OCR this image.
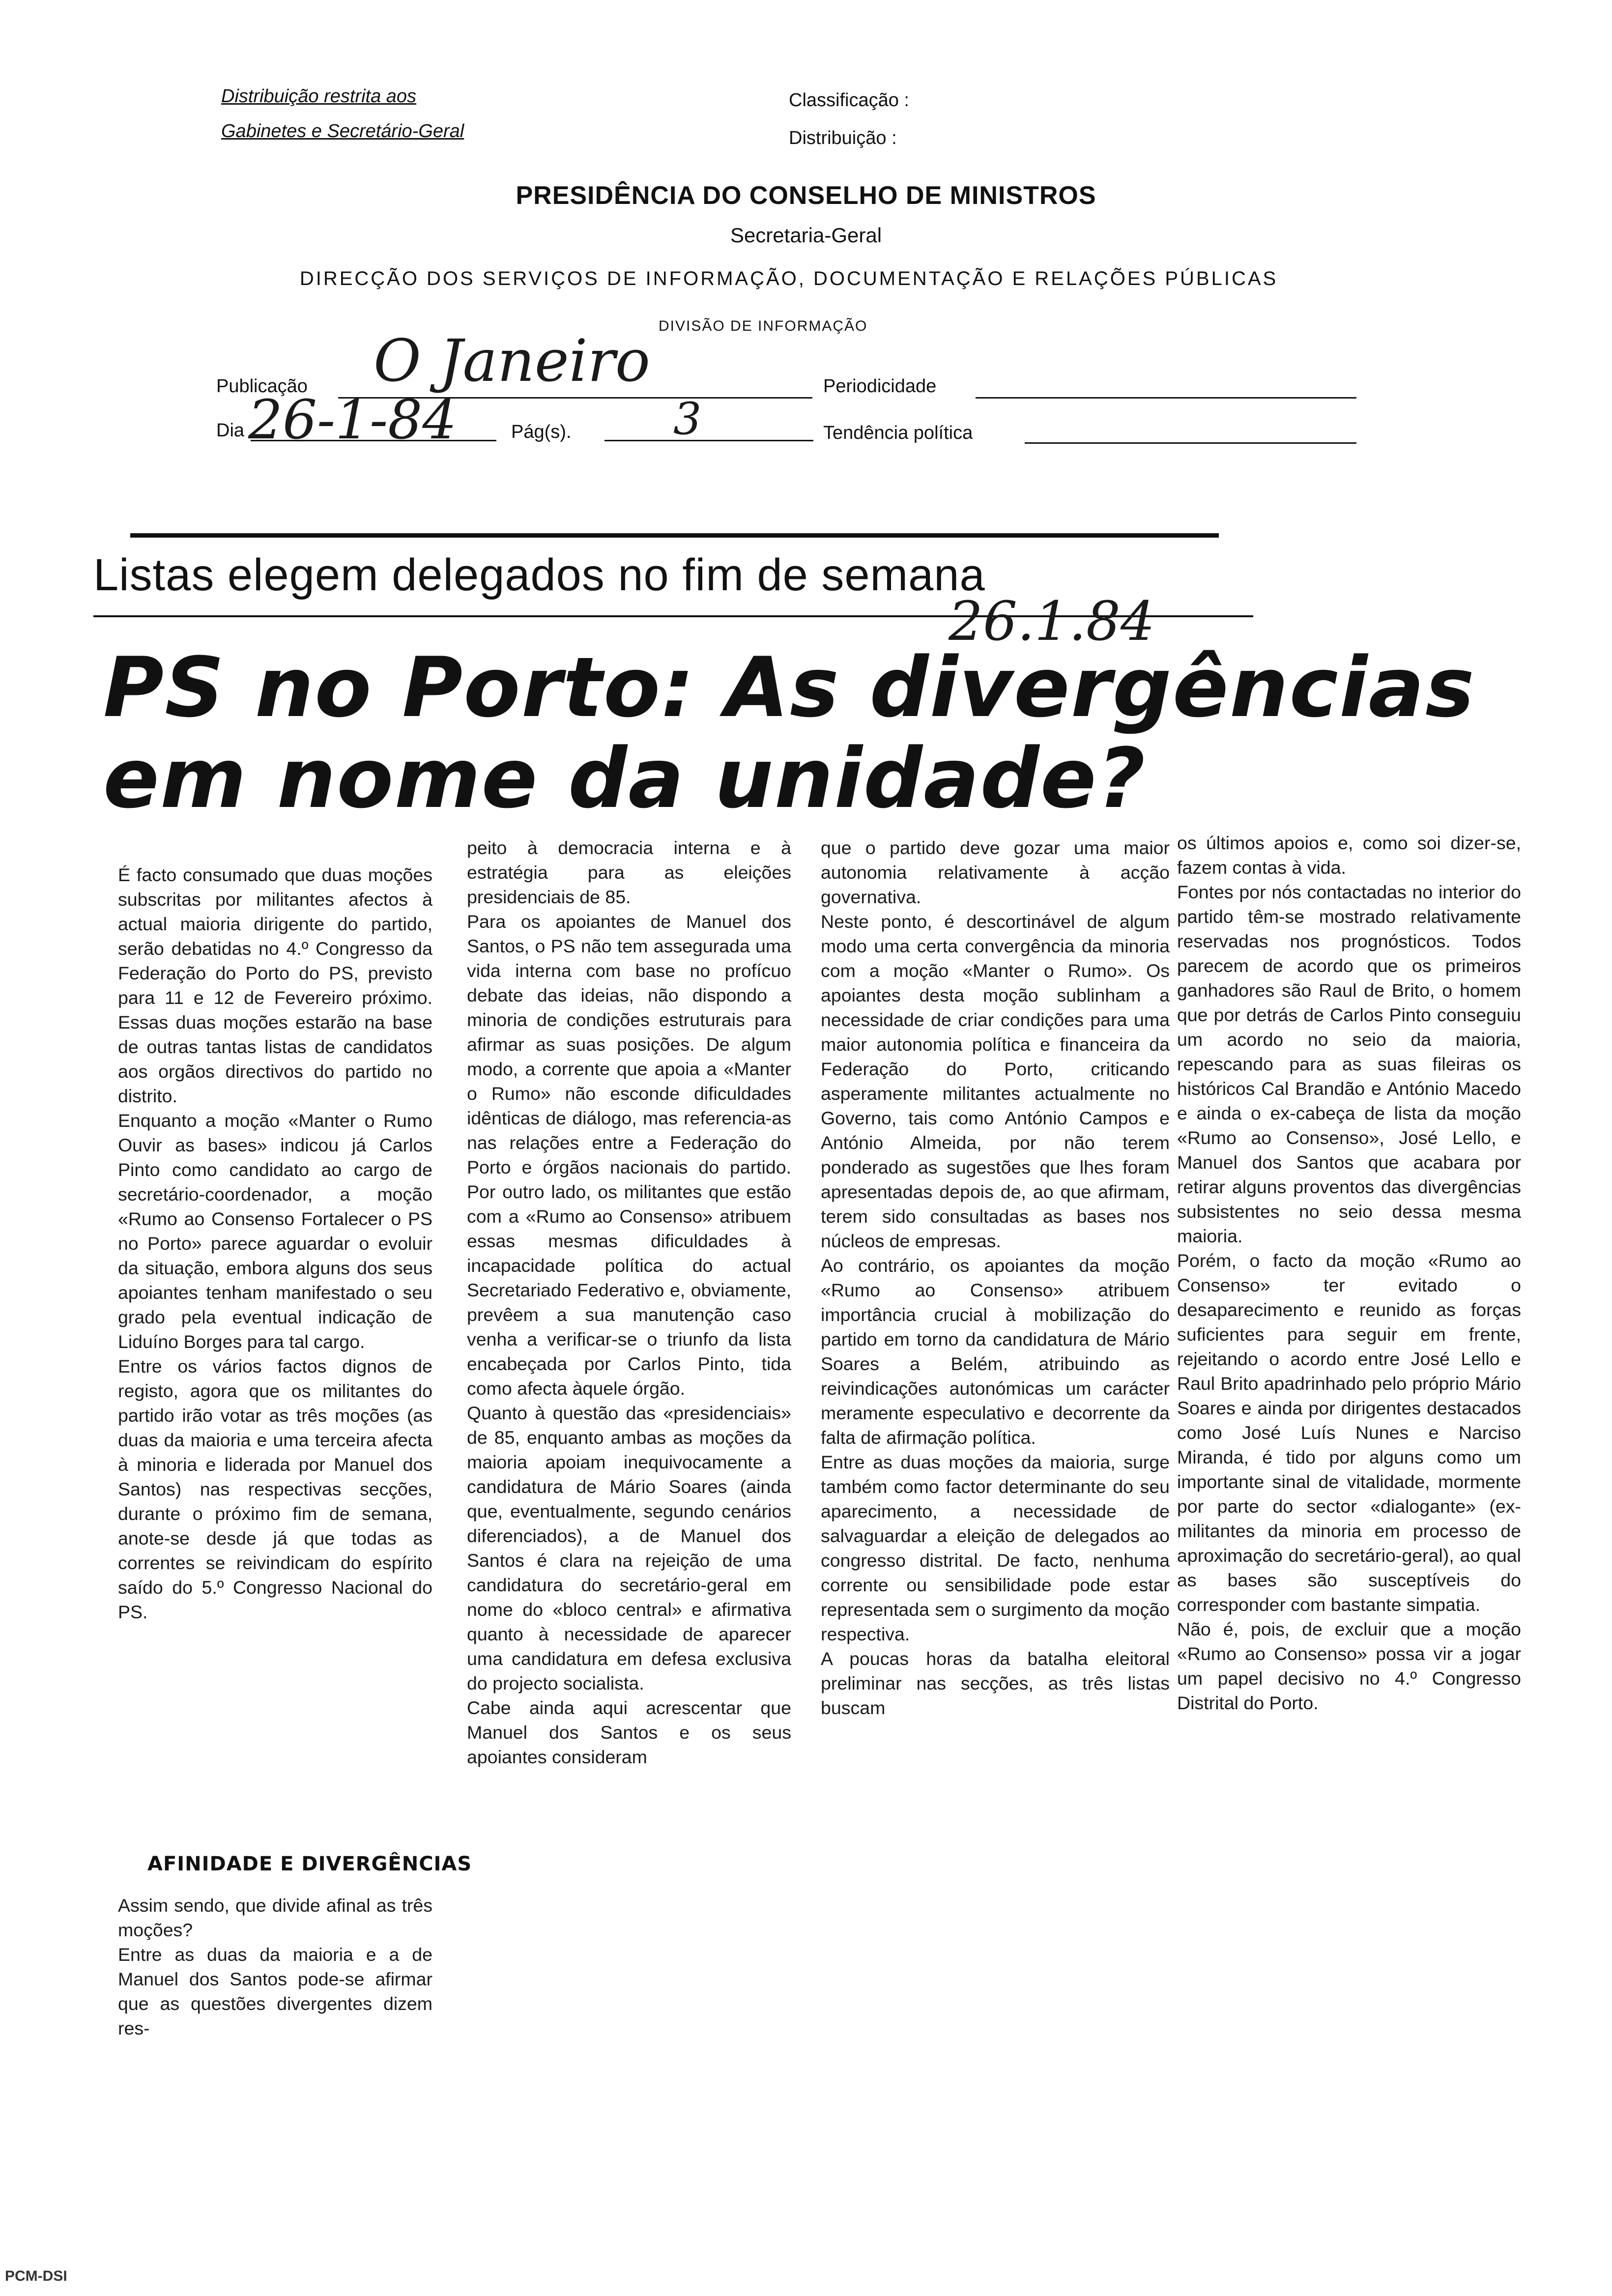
Distribuição restrita aos
Gabinetes e Secretário-Geral
Classificação :
Distribuição :
PRESIDÊNCIA DO CONSELHO DE MINISTROS
Secretaria-Geral
DIRECÇÃO DOS SERVIÇOS DE INFORMAÇÃO, DOCUMENTAÇÃO E RELAÇÕES PÚBLICAS
DIVISÃO DE INFORMAÇÃO
Publicação O Janeiro
Dia 26-1-84	Pág(s). 3
Periodicidade
Tendência política
Listas elegem delegados no fim de semana
26.1.84
PS no Porto: As divergências
em nome da unidade?
É facto consumado que duas moções subscritas por militantes afectos à actual maioria dirigente do partido, serão debatidas no 4.º Congresso da Federação do Porto do PS, previsto para 11 e 12 de Fevereiro próximo. Essas duas moções estarão na base de outras tantas listas de candidatos aos orgãos directivos do partido no distrito.
Enquanto a moção «Manter o Rumo Ouvir as bases» indicou já Carlos Pinto como candidato ao cargo de secretário-coordenador, a moção «Rumo ao Consenso Fortalecer o PS no Porto» parece aguardar o evoluir da situação, embora alguns dos seus apoiantes tenham manifestado o seu grado pela eventual indicação de Liduíno Borges para tal cargo.
Entre os vários factos dignos de registo, agora que os militantes do partido irão votar as três moções (as duas da maioria e uma terceira afecta à minoria e liderada por Manuel dos Santos) nas respectivas secções, durante o próximo fim de semana, anote-se desde já que todas as correntes se reivindicam do espírito saído do 5.º Congresso Nacional do PS.
AFINIDADE E DIVERGÊNCIAS
Assim sendo, que divide afinal as três moções?
Entre as duas da maioria e a de Manuel dos Santos pode-se afirmar que as questões divergentes dizem res-
peito à democracia interna e à estratégia para as eleições presidenciais de 85.
Para os apoiantes de Manuel dos Santos, o PS não tem assegurada uma vida interna com base no profícuo debate das ideias, não dispondo a minoria de condições estruturais para afirmar as suas posições. De algum modo, a corrente que apoia a «Manter o Rumo» não esconde dificuldades idênticas de diálogo, mas referencia-as nas relações entre a Federação do Porto e órgãos nacionais do partido. Por outro lado, os militantes que estão com a «Rumo ao Consenso» atribuem essas mesmas dificuldades à incapacidade política do actual Secretariado Federativo e, obviamente, prevêem a sua manutenção caso venha a verificar-se o triunfo da lista encabeçada por Carlos Pinto, tida como afecta àquele órgão.
Quanto à questão das «presidenciais» de 85, enquanto ambas as moções da maioria apoiam inequivocamente a candidatura de Mário Soares (ainda que, eventualmente, segundo cenários diferenciados), a de Manuel dos Santos é clara na rejeição de uma candidatura do secretário-geral em nome do «bloco central» e afirmativa quanto à necessidade de aparecer uma candidatura em defesa exclusiva do projecto socialista.
Cabe ainda aqui acrescentar que Manuel dos Santos e os seus apoiantes consideram
que o partido deve gozar uma maior autonomia relativamente à acção governativa.
Neste ponto, é descortinável de algum modo uma certa convergência da minoria com a moção «Manter o Rumo». Os apoiantes desta moção sublinham a necessidade de criar condições para uma maior autonomia política e financeira da Federação do Porto, criticando asperamente militantes actualmente no Governo, tais como António Campos e António Almeida, por não terem ponderado as sugestões que lhes foram apresentadas depois de, ao que afirmam, terem sido consultadas as bases nos núcleos de empresas.
Ao contrário, os apoiantes da moção «Rumo ao Consenso» atribuem importância crucial à mobilização do partido em torno da candidatura de Mário Soares a Belém, atribuindo as reivindicações autonómicas um carácter meramente especulativo e decorrente da falta de afirmação política.
Entre as duas moções da maioria, surge também como factor determinante do seu aparecimento, a necessidade de salvaguardar a eleição de delegados ao congresso distrital. De facto, nenhuma corrente ou sensibilidade pode estar representada sem o surgimento da moção respectiva.
A poucas horas da batalha eleitoral preliminar nas secções, as três listas buscam
os últimos apoios e, como soi dizer-se, fazem contas à vida.
Fontes por nós contactadas no interior do partido têm-se mostrado relativamente reservadas nos prognósticos. Todos parecem de acordo que os primeiros ganhadores são Raul de Brito, o homem que por detrás de Carlos Pinto conseguiu um acordo no seio da maioria, repescando para as suas fileiras os históricos Cal Brandão e António Macedo e ainda o ex-cabeça de lista da moção «Rumo ao Consenso», José Lello, e Manuel dos Santos que acabara por retirar alguns proventos das divergências subsistentes no seio dessa mesma maioria.
Porém, o facto da moção «Rumo ao Consenso» ter evitado o desaparecimento e reunido as forças suficientes para seguir em frente, rejeitando o acordo entre José Lello e Raul Brito apadrinhado pelo próprio Mário Soares e ainda por dirigentes destacados como José Luís Nunes e Narciso Miranda, é tido por alguns como um importante sinal de vitalidade, mormente por parte do sector «dialogante» (ex-militantes da minoria em processo de aproximação do secretário-geral), ao qual as bases são susceptíveis do corresponder com bastante simpatia.
Não é, pois, de excluir que a moção «Rumo ao Consenso» possa vir a jogar um papel decisivo no 4.º Congresso Distrital do Porto.
PCM-DSI
